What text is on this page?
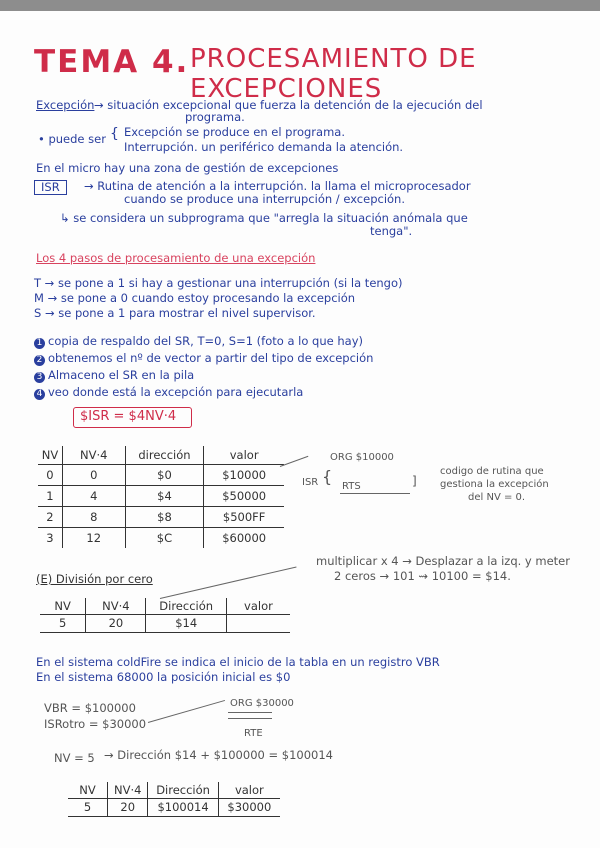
TEMA 4. PROCESAMIENTO DE EXCEPCIONES
Excepción → situación excepcional que fuerza la detención de la ejecución del
programa.
• puede ser { Excepción se produce en el programa.
Interrupción. un periférico demanda la atención.
En el micro hay una zona de gestión de excepciones
ISR	→ Rutina de atención a la interrupción. la llama el microprocesador
cuando se produce una interrupción / excepción.
↳ se considera un subprograma que "arregla la situación anómala que
tenga".
Los 4 pasos de procesamiento de una excepción
T → se pone a 1 si hay a gestionar una interrupción (si la tengo)
M → se pone a 0 cuando estoy procesando la excepción
S → se pone a 1 para mostrar el nivel supervisor.
1 copia de respaldo del SR, T=0, S=1 (foto a lo que hay)
2 obtenemos el nº de vector a partir del tipo de excepción
3 Almaceno el SR en la pila
4 veo donde está la excepción para ejecutarla
$ISR = $4NV·4
NV	NV·4	dirección	valor
0	0	$0	$10000
1	4	$4	$50000
2	8	$8	$500FF
3	12	$C	$60000
ORG $10000
ISR {
RTS	]
codigo de rutina que
gestiona la excepción
del NV = 0.
(E) División por cero
NV	NV·4	Dirección	valor
5	20	$14	
multiplicar x 4 → Desplazar a la izq. y meter
2 ceros → 101 ⇝ 10100 = $14.
En el sistema coldFire se indica el inicio de la tabla en un registro VBR
En el sistema 68000 la posición inicial es $0
VBR = $100000
ISRotro = $30000
ORG $30000
RTE
NV = 5 → Dirección $14 + $100000 = $100014
NV	NV·4	Dirección	valor
5	20	$100014	$30000
